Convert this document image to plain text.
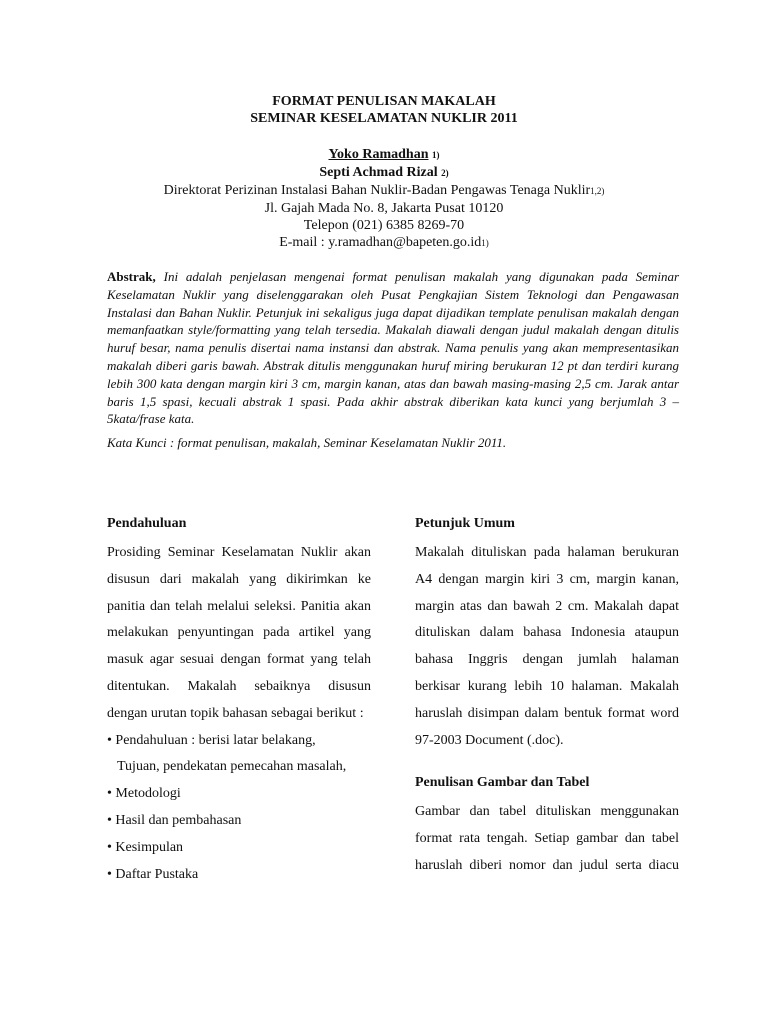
FORMAT PENULISAN MAKALAH
SEMINAR KESELAMATAN NUKLIR 2011
Yoko Ramadhan 1)
Septi Achmad Rizal 2)
Direktorat Perizinan Instalasi Bahan Nuklir-Badan Pengawas Tenaga Nuklir1,2)
Jl. Gajah Mada No. 8, Jakarta Pusat 10120
Telepon (021) 6385 8269-70
E-mail : y.ramadhan@bapeten.go.id1)

Abstrak, Ini adalah penjelasan mengenai format penulisan makalah yang digunakan pada Seminar Keselamatan Nuklir yang diselenggarakan oleh Pusat Pengkajian Sistem Teknologi dan Pengawasan Instalasi dan Bahan Nuklir. Petunjuk ini sekaligus juga dapat dijadikan template penulisan makalah dengan memanfaatkan style/formatting yang telah tersedia. Makalah diawali dengan judul makalah dengan ditulis huruf besar, nama penulis disertai nama instansi dan abstrak. Nama penulis yang akan mempresentasikan makalah diberi garis bawah. Abstrak ditulis menggunakan huruf miring berukuran 12 pt dan terdiri kurang lebih 300 kata dengan margin kiri 3 cm, margin kanan, atas dan bawah masing-masing 2,5 cm. Jarak antar baris 1,5 spasi, kecuali abstrak 1 spasi. Pada akhir abstrak diberikan kata kunci yang berjumlah 3 – 5kata/frase kata.

Kata Kunci : format penulisan, makalah, Seminar Keselamatan Nuklir 2011.

Pendahuluan

Prosiding Seminar Keselamatan Nuklir akan disusun dari makalah yang dikirimkan ke panitia dan telah melalui seleksi. Panitia akan melakukan penyuntingan pada artikel yang masuk agar sesuai dengan format yang telah ditentukan. Makalah sebaiknya disusun dengan urutan topik bahasan sebagai berikut :

• Pendahuluan : berisi latar belakang,
Tujuan, pendekatan pemecahan masalah,
• Metodologi
• Hasil dan pembahasan
• Kesimpulan
• Daftar Pustaka
Petunjuk Umum

Makalah dituliskan pada halaman berukuran A4 dengan margin kiri 3 cm, margin kanan, margin atas dan bawah 2 cm. Makalah dapat dituliskan dalam bahasa Indonesia ataupun bahasa Inggris dengan jumlah halaman berkisar kurang lebih 10 halaman. Makalah haruslah disimpan dalam bentuk format word 97-2003 Document (.doc).

Penulisan Gambar dan Tabel

Gambar dan tabel dituliskan menggunakan format rata tengah. Setiap gambar dan tabel haruslah diberi nomor dan judul serta diacu
